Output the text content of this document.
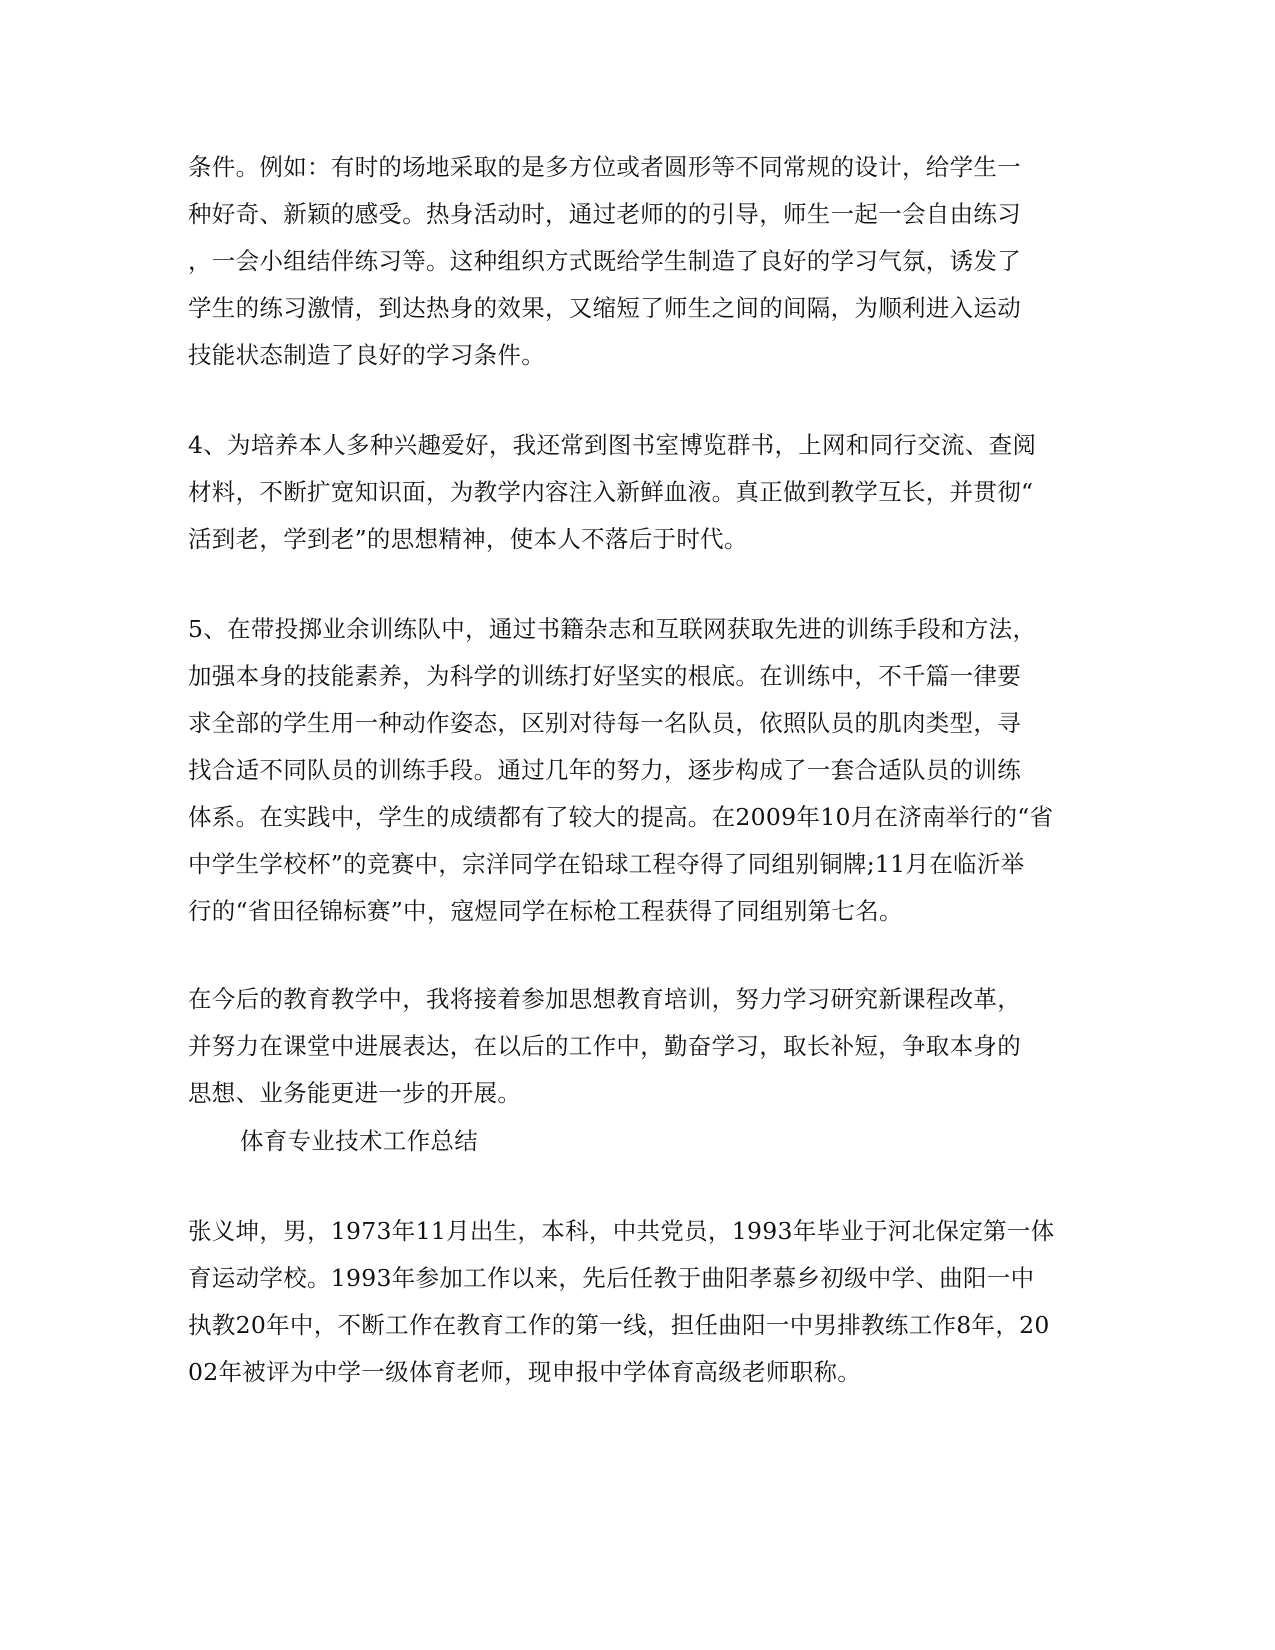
条件。例如：有时的场地采取的是多方位或者圆形等不同常规的设计，给学生一
种好奇、新颖的感受。热身活动时，通过老师的的引导，师生一起一会自由练习
，一会小组结伴练习等。这种组织方式既给学生制造了良好的学习气氛，诱发了
学生的练习激情，到达热身的效果，又缩短了师生之间的间隔，为顺利进入运动
技能状态制造了良好的学习条件。
4、为培养本人多种兴趣爱好，我还常到图书室博览群书，上网和同行交流、查阅
材料，不断扩宽知识面，为教学内容注入新鲜血液。真正做到教学互长，并贯彻“
活到老，学到老”的思想精神，使本人不落后于时代。
5、在带投掷业余训练队中，通过书籍杂志和互联网获取先进的训练手段和方法，
加强本身的技能素养，为科学的训练打好坚实的根底。在训练中，不千篇一律要
求全部的学生用一种动作姿态，区别对待每一名队员，依照队员的肌肉类型，寻
找合适不同队员的训练手段。通过几年的努力，逐步构成了一套合适队员的训练
体系。在实践中，学生的成绩都有了较大的提高。在2009年10月在济南举行的“省
中学生学校杯”的竞赛中，宗洋同学在铅球工程夺得了同组别铜牌;11月在临沂举
行的“省田径锦标赛”中，寇煜同学在标枪工程获得了同组别第七名。
在今后的教育教学中，我将接着参加思想教育培训，努力学习研究新课程改革，
并努力在课堂中进展表达，在以后的工作中，勤奋学习，取长补短，争取本身的
思想、业务能更进一步的开展。
体育专业技术工作总结
张义坤，男，1973年11月出生，本科，中共党员，1993年毕业于河北保定第一体
育运动学校。1993年参加工作以来，先后任教于曲阳孝慕乡初级中学、曲阳一中
执教20年中，不断工作在教育工作的第一线，担任曲阳一中男排教练工作8年，20
02年被评为中学一级体育老师，现申报中学体育高级老师职称。
